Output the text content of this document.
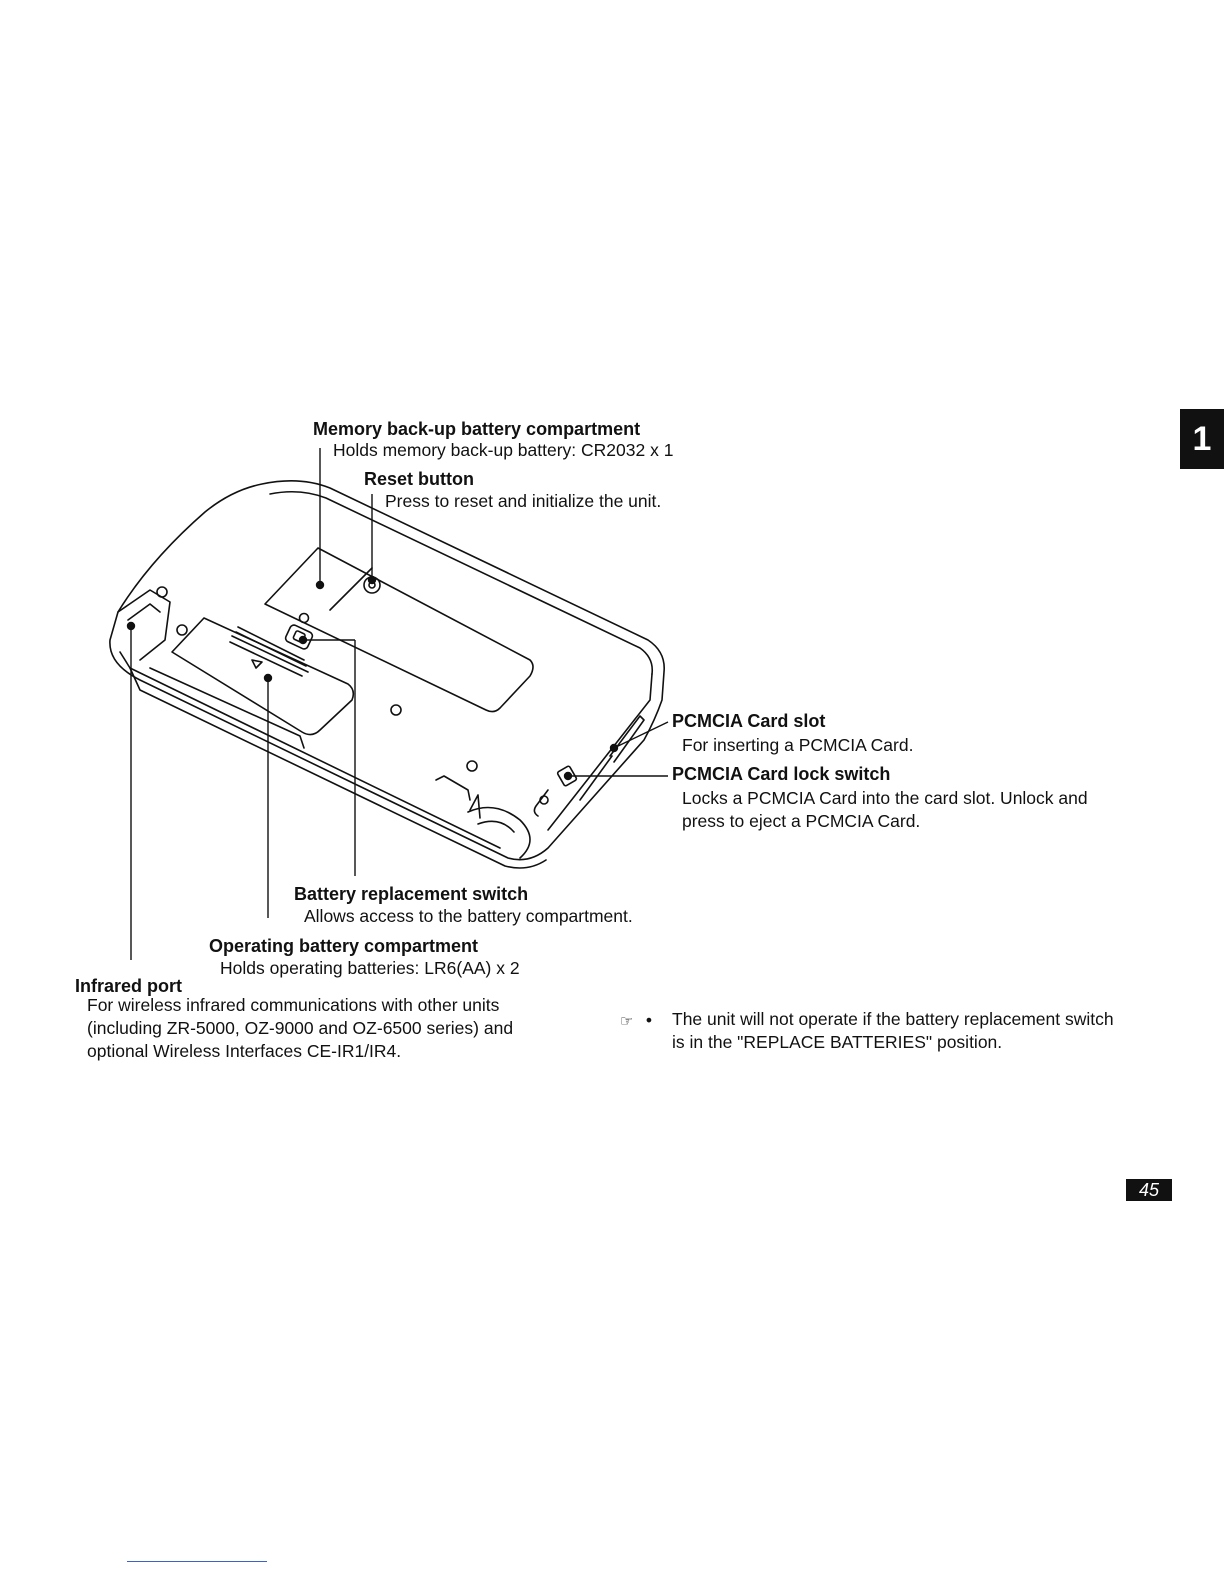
Memory back-up battery compartment
Holds memory back-up battery: CR2032 x 1
Reset button
Press to reset and initialize the unit.
PCMCIA Card slot
For inserting a PCMCIA Card.
PCMCIA Card lock switch
Locks a PCMCIA Card into the card slot. Unlock and press to eject a PCMCIA Card.
Battery replacement switch
Allows access to the battery compartment.
Operating battery compartment
Holds operating batteries: LR6(AA) x 2
Infrared port
For wireless infrared communications with other units (including ZR-5000, OZ-9000 and OZ-6500 series) and optional Wireless Interfaces CE-IR1/IR4.
☞ • The unit will not operate if the battery replacement switch is in the "REPLACE BATTERIES" position.
1
45
